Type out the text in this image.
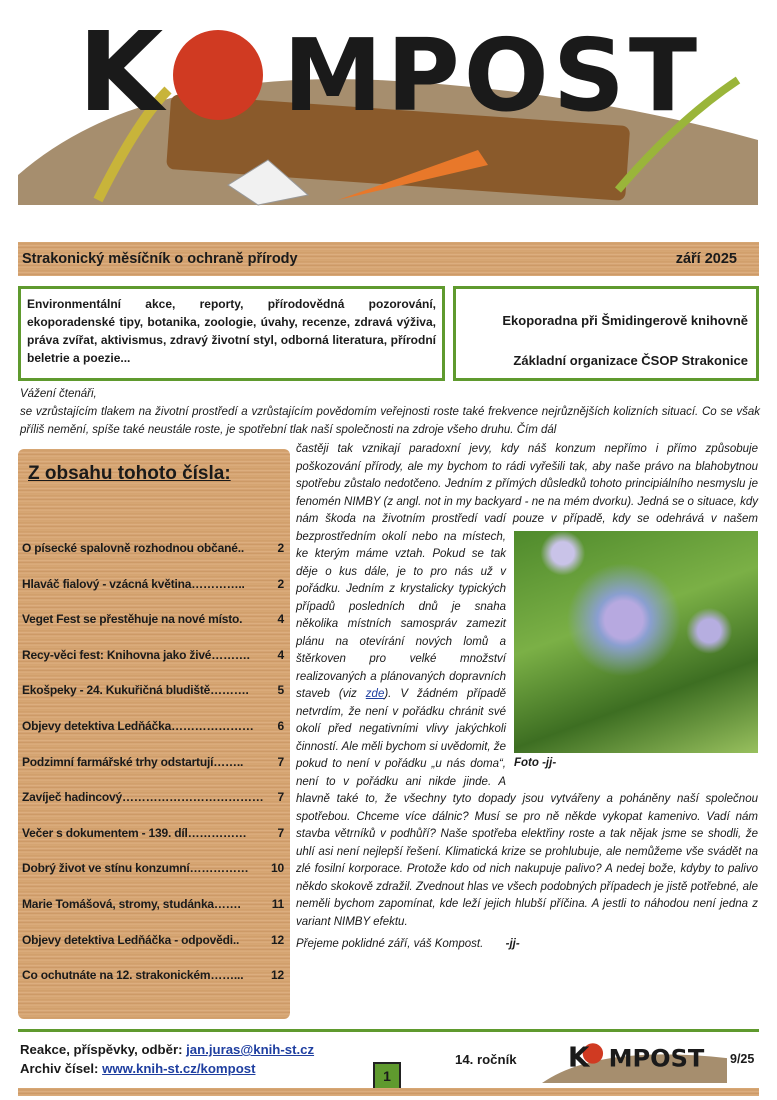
K MPOST
Strakonický měsíčník o ochraně přírody	září 2025
Environmentální akce, reporty, přírodovědná pozorování, ekoporadenské tipy, botanika, zoologie, úvahy, recenze, zdravá výživa, práva zvířat, aktivismus, zdravý životní styl, odborná literatura, přírodní beletrie a poezie...
Ekoporadna při Šmidingerově knihovně
Základní organizace ČSOP Strakonice
Vážení čtenáři,
se vzrůstajícím tlakem na životní prostředí a vzrůstajícím povědomím veřejnosti roste také frekvence nejrůznějších kolizních situací. Co se však příliš nemění, spíše také neustále roste, je spotřební tlak naší společnosti na zdroje všeho druhu. Čím dál
Z obsahu tohoto čísla:
O písecké spalovně rozhodnou občané..	2
Hlaváč fialový - vzácná květina…………..	2
Veget Fest se přestěhuje na nové místo.	4
Recy-věci fest: Knihovna jako živé………. 4
Ekošpeky - 24. Kukuřičná bludiště………. 5
Objevy detektiva Ledňáčka………………… 6
Podzimní farmářské trhy odstartují……..	7
Zavíječ hadincový……………………………… 7
Večer s dokumentem - 139. díl……………	7
Dobrý život ve stínu konzumní…………… 10
Marie Tomášová, stromy, studánka…….	11
Objevy detektiva Ledňáčka - odpovědi..	12
Co ochutnáte na 12. strakonickém……... 12
Foto -jj-
častěji tak vznikají paradoxní jevy, kdy náš konzum nepřímo i přímo způsobuje poškozování přírody, ale my bychom to rádi vyřešili tak, aby naše právo na blahobytnou spotřebu zůstalo nedotčeno. Jedním z přímých důsledků tohoto principiálního nesmyslu je fenomén NIMBY (z angl. not in my backyard - ne na mém dvorku). Jedná se o situace, kdy nám škoda na životním prostředí vadí pouze v případě, kdy se odehrává v našem bezprostředním okolí nebo na místech, ke kterým máme vztah. Pokud se tak děje o kus dále, je to pro nás už v pořádku. Jedním z krystalicky typických případů posledních dnů je snaha několika místních samospráv zamezit plánu na otevírání nových lomů a štěrkoven pro velké množství realizovaných a plánovaných dopravních staveb (viz zde). V žádném případě netvrdím, že není v pořádku chránit své okolí před negativními vlivy jakýchkoli činností. Ale měli bychom si uvědomit, že pokud to není v pořádku „u nás doma“, není to v pořádku ani nikde jinde. A hlavně také to, že všechny tyto dopady jsou vytvářeny a poháněny naší společnou spotřebou. Chceme více dálnic? Musí se pro ně někde vykopat kamenivo. Vadí nám stavba větrníků v podhůří? Naše spotřeba elektřiny roste a tak nějak jsme se shodli, že uhlí asi není nejlepší řešení. Klimatická krize se prohlubuje, ale nemůžeme vše svádět na zlé fosilní korporace. Protože kdo od nich nakupuje palivo? A nedej bože, kdyby to palivo někdo skokově zdražil. Zvednout hlas ve všech podobných případech je jistě potřebné, ale neměli bychom zapomínat, kde leží jejich hlubší příčina. A jestli to náhodou není jedna z variant NIMBY efektu.
Přejeme poklidné září, váš Kompost. -jj-
Reakce, příspěvky, odběr: jan.juras@knih-st.cz
Archiv čísel: www.knih-st.cz/kompost	1
14. ročník K MPOST 9/25
